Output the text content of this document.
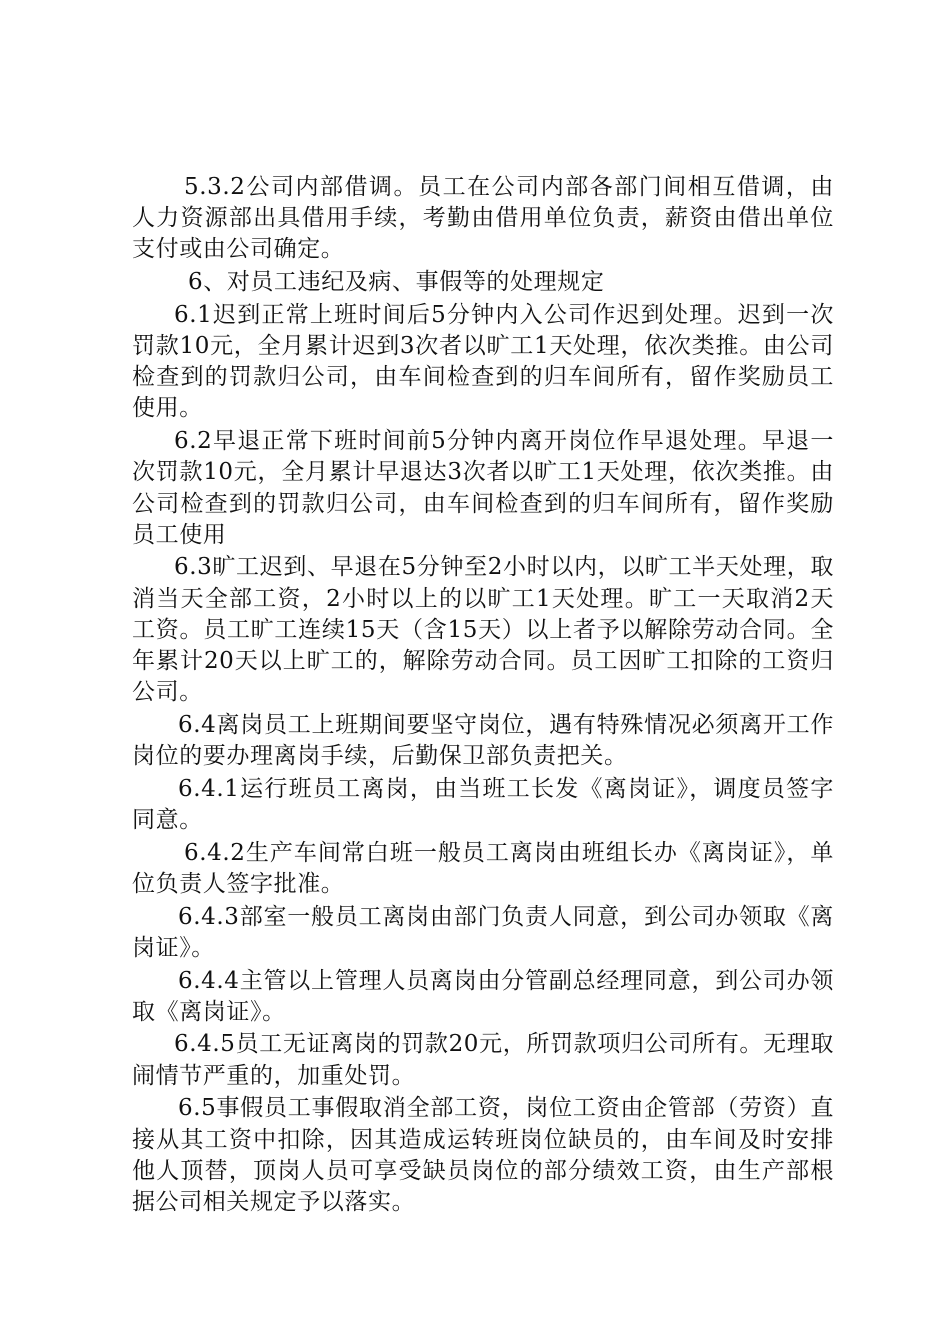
5.3.2公司内部借调。员工在公司内部各部门间相互借调，由人力资源部出具借用手续，考勤由借用单位负责，薪资由借出单位支付或由公司确定。

6、对员工违纪及病、事假等的处理规定

6.1迟到正常上班时间后5分钟内入公司作迟到处理。迟到一次罚款10元，全月累计迟到3次者以旷工1天处理，依次类推。由公司检查到的罚款归公司，由车间检查到的归车间所有，留作奖励员工使用。

6.2早退正常下班时间前5分钟内离开岗位作早退处理。早退一次罚款10元，全月累计早退达3次者以旷工1天处理，依次类推。由公司检查到的罚款归公司，由车间检查到的归车间所有，留作奖励员工使用

6.3旷工迟到、早退在5分钟至2小时以内，以旷工半天处理，取消当天全部工资，2小时以上的以旷工1天处理。旷工一天取消2天工资。员工旷工连续15天（含15天）以上者予以解除劳动合同。全年累计20天以上旷工的，解除劳动合同。员工因旷工扣除的工资归公司。

6.4离岗员工上班期间要坚守岗位，遇有特殊情况必须离开工作岗位的要办理离岗手续，后勤保卫部负责把关。

6.4.1运行班员工离岗，由当班工长发《离岗证》，调度员签字同意。

6.4.2生产车间常白班一般员工离岗由班组长办《离岗证》，单位负责人签字批准。

6.4.3部室一般员工离岗由部门负责人同意，到公司办领取《离岗证》。

6.4.4主管以上管理人员离岗由分管副总经理同意，到公司办领取《离岗证》。

6.4.5员工无证离岗的罚款20元，所罚款项归公司所有。无理取闹情节严重的，加重处罚。

6.5事假员工事假取消全部工资，岗位工资由企管部（劳资）直接从其工资中扣除，因其造成运转班岗位缺员的，由车间及时安排他人顶替，顶岗人员可享受缺员岗位的部分绩效工资，由生产部根据公司相关规定予以落实。
